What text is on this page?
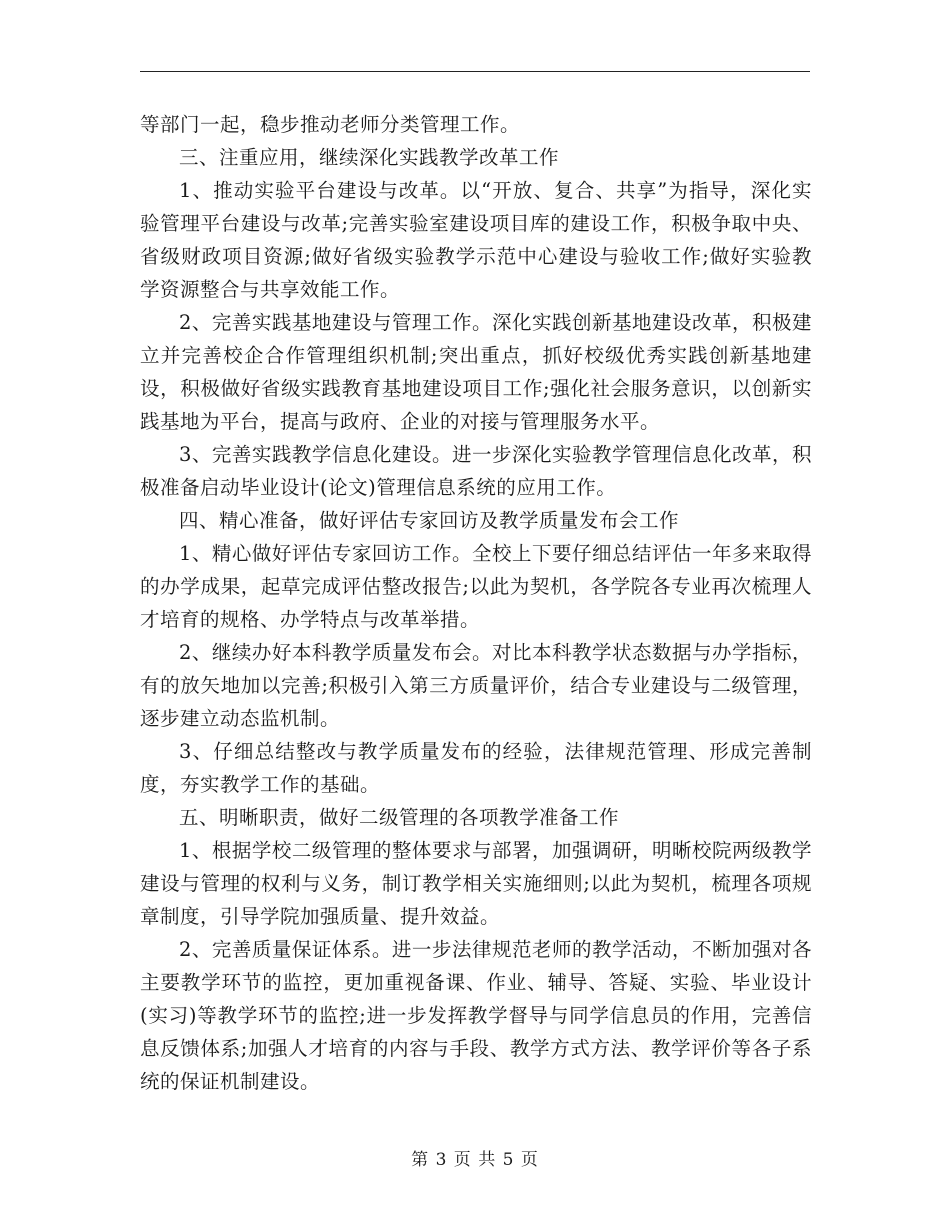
等部门一起，稳步推动老师分类管理工作。

三、注重应用，继续深化实践教学改革工作

1、推动实验平台建设与改革。以“开放、复合、共享”为指导，深化实验管理平台建设与改革;完善实验室建设项目库的建设工作，积极争取中央、省级财政项目资源;做好省级实验教学示范中心建设与验收工作;做好实验教学资源整合与共享效能工作。

2、完善实践基地建设与管理工作。深化实践创新基地建设改革，积极建立并完善校企合作管理组织机制;突出重点，抓好校级优秀实践创新基地建设，积极做好省级实践教育基地建设项目工作;强化社会服务意识，以创新实践基地为平台，提高与政府、企业的对接与管理服务水平。

3、完善实践教学信息化建设。进一步深化实验教学管理信息化改革，积极准备启动毕业设计(论文)管理信息系统的应用工作。

四、精心准备，做好评估专家回访及教学质量发布会工作

1、精心做好评估专家回访工作。全校上下要仔细总结评估一年多来取得的办学成果，起草完成评估整改报告;以此为契机，各学院各专业再次梳理人才培育的规格、办学特点与改革举措。

2、继续办好本科教学质量发布会。对比本科教学状态数据与办学指标，有的放矢地加以完善;积极引入第三方质量评价，结合专业建设与二级管理，逐步建立动态监机制。

3、仔细总结整改与教学质量发布的经验，法律规范管理、形成完善制度，夯实教学工作的基础。

五、明晰职责，做好二级管理的各项教学准备工作

1、根据学校二级管理的整体要求与部署，加强调研，明晰校院两级教学建设与管理的权利与义务，制订教学相关实施细则;以此为契机，梳理各项规章制度，引导学院加强质量、提升效益。

2、完善质量保证体系。进一步法律规范老师的教学活动，不断加强对各主要教学环节的监控，更加重视备课、作业、辅导、答疑、实验、毕业设计(实习)等教学环节的监控;进一步发挥教学督导与同学信息员的作用，完善信息反馈体系;加强人才培育的内容与手段、教学方式方法、教学评价等各子系统的保证机制建设。

第 3 页 共 5 页
